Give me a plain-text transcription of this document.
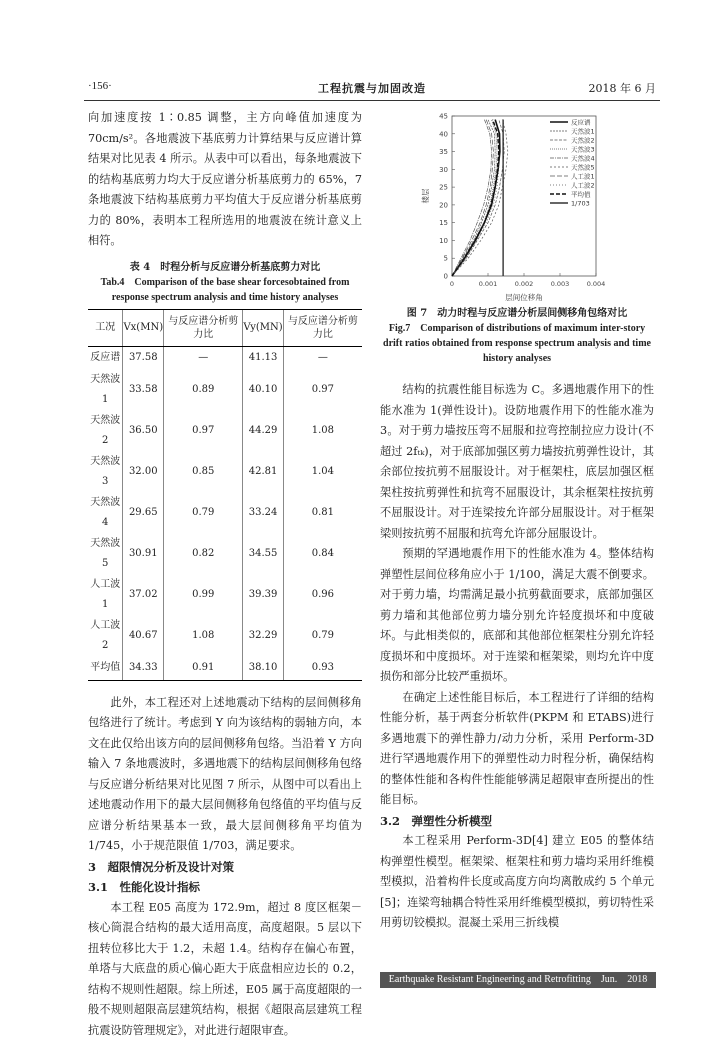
·156·	工程抗震与加固改造	2018 年 6 月

向加速度按 1∶0.85 调整，主方向峰值加速度为 70cm/s²。各地震波下基底剪力计算结果与反应谱计算结果对比见表 4 所示。从表中可以看出，每条地震波下的结构基底剪力均大于反应谱分析基底剪力的 65%，7 条地震波下结构基底剪力平均值大于反应谱分析基底剪力的 80%，表明本工程所选用的地震波在统计意义上相符。

表 4　时程分析与反应谱分析基底剪力对比

Tab.4　Comparison of the base shear forcesobtained from response spectrum analysis and time history analyses

工况	Vx(MN)	与反应谱分析剪力比	Vy(MN)	与反应谱分析剪力比
反应谱	37.58	—	41.13	—
天然波 1	33.58	0.89	40.10	0.97
天然波 2	36.50	0.97	44.29	1.08
天然波 3	32.00	0.85	42.81	1.04
天然波 4	29.65	0.79	33.24	0.81
天然波 5	30.91	0.82	34.55	0.84
人工波 1	37.02	0.99	39.39	0.96
人工波 2	40.67	1.08	32.29	0.79
平均值	34.33	0.91	38.10	0.93

此外，本工程还对上述地震动下结构的层间侧移角包络进行了统计。考虑到 Y 向为该结构的弱轴方向，本文在此仅给出该方向的层间侧移角包络。当沿着 Y 方向输入 7 条地震波时，多遇地震下的结构层间侧移角包络与反应谱分析结果对比见图 7 所示，从图中可以看出上述地震动作用下的最大层间侧移角包络值的平均值与反应谱分析结果基本一致，最大层间侧移角平均值为 1/745，小于规范限值 1/703，满足要求。

3　超限情况分析及设计对策

3.1　性能化设计指标

本工程 E05 高度为 172.9m，超过 8 度区框架－核心筒混合结构的最大适用高度，高度超限。5 层以下扭转位移比大于 1.2，未超 1.4。结构存在偏心布置，单塔与大底盘的质心偏心距大于底盘相应边长的 0.2，结构不规则性超限。综上所述，E05 属于高度超限的一般不规则超限高层建筑结构，根据《超限高层建筑工程抗震设防管理规定》，对此进行超限审查。

0
5
10
15
20
25
30
35
40
45
0	0.001	0.002	0.003	0.004
层间位移角
楼层
反应谱
天然波1
天然波2
天然波3
天然波4
天然波5
人工波1
人工波2
平均值
1/703

图 7　动力时程与反应谱分析层间侧移角包络对比

Fig.7　Comparison of distributions of maximum inter-story drift ratios obtained from response spectrum analysis and time history analyses

结构的抗震性能目标选为 C。多遇地震作用下的性能水准为 1(弹性设计)。设防地震作用下的性能水准为 3。对于剪力墙按压弯不屈服和拉弯控制拉应力设计(不超过 2fₜₖ)，对于底部加强区剪力墙按抗剪弹性设计，其余部位按抗剪不屈服设计。对于框架柱，底层加强区框架柱按抗剪弹性和抗弯不屈服设计，其余框架柱按抗剪不屈服设计。对于连梁按允许部分屈服设计。对于框架梁则按抗剪不屈服和抗弯允许部分屈服设计。

预期的罕遇地震作用下的性能水准为 4。整体结构弹塑性层间位移角应小于 1/100，满足大震不倒要求。对于剪力墙，均需满足最小抗剪截面要求，底部加强区剪力墙和其他部位剪力墙分别允许轻度损坏和中度破坏。与此相类似的，底部和其他部位框架柱分别允许轻度损坏和中度损坏。对于连梁和框架梁，则均允许中度损伤和部分比较严重损坏。

在确定上述性能目标后，本工程进行了详细的结构性能分析，基于两套分析软件(PKPM 和 ETABS)进行多遇地震下的弹性静力/动力分析，采用 Perform-3D 进行罕遇地震作用下的弹塑性动力时程分析，确保结构的整体性能和各构件性能能够满足超限审查所提出的性能目标。

3.2　弹塑性分析模型

本工程采用 Perform-3D[4] 建立 E05 的整体结构弹塑性模型。框架梁、框架柱和剪力墙均采用纤维模型模拟，沿着构件长度或高度方向均离散成约 5 个单元[5]；连梁弯轴耦合特性采用纤维模型模拟，剪切特性采用剪切铰模拟。混凝土采用三折线模

Earthquake Resistant Engineering and Retrofitting　Jun.　2018
